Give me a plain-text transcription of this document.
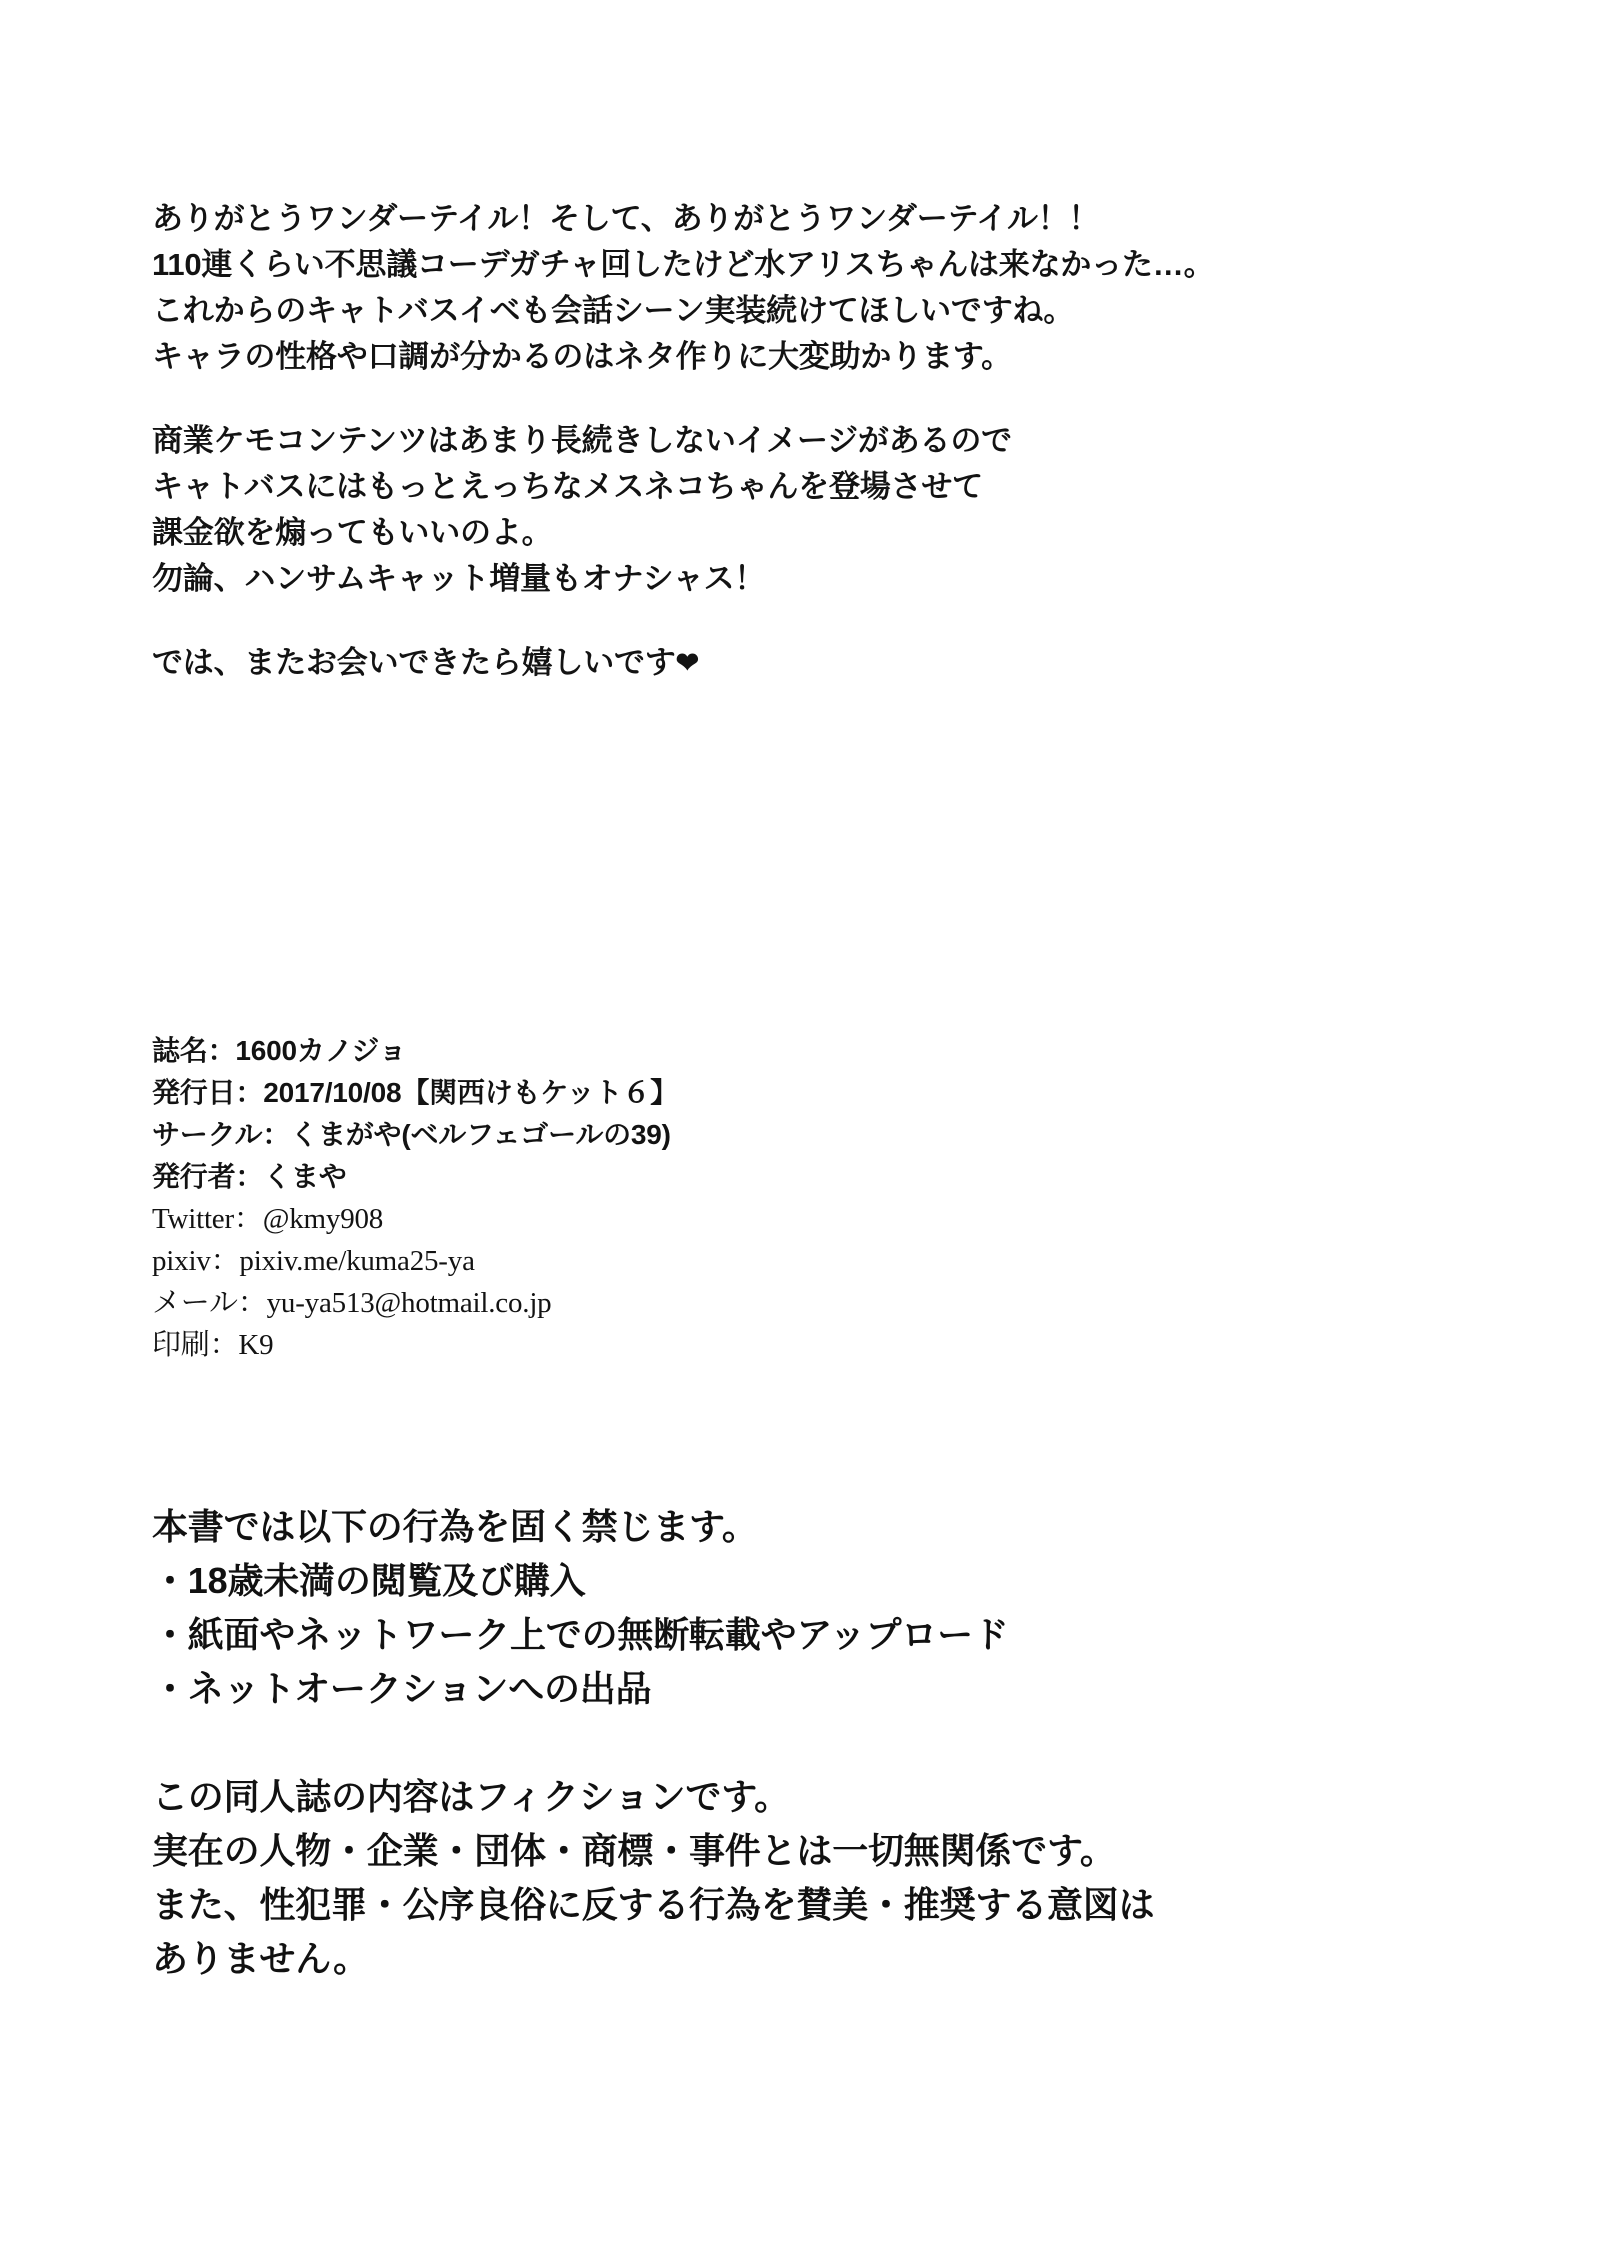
ありがとうワンダーテイル！そして、ありがとうワンダーテイル！！
110連くらい不思議コーデガチャ回したけど水アリスちゃんは来なかった…。
これからのキャトバスイベも会話シーン実装続けてほしいですね。
キャラの性格や口調が分かるのはネタ作りに大変助かります。
商業ケモコンテンツはあまり長続きしないイメージがあるので
キャトバスにはもっとえっちなメスネコちゃんを登場させて
課金欲を煽ってもいいのよ。
勿論、ハンサムキャット増量もオナシャス！
では、またお会いできたら嬉しいです❤
誌名：1600カノジョ
発行日：2017/10/08【関西けもケット６】
サークル：くまがや(ベルフェゴールの39)
発行者：くまや
Twitter：@kmy908
pixiv：pixiv.me/kuma25-ya
メール：yu-ya513@hotmail.co.jp
印刷：K9
本書では以下の行為を固く禁じます。
・18歳未満の閲覧及び購入
・紙面やネットワーク上での無断転載やアップロード
・ネットオークションへの出品
この同人誌の内容はフィクションです。
実在の人物・企業・団体・商標・事件とは一切無関係です。
また、性犯罪・公序良俗に反する行為を賛美・推奨する意図は
ありません。
